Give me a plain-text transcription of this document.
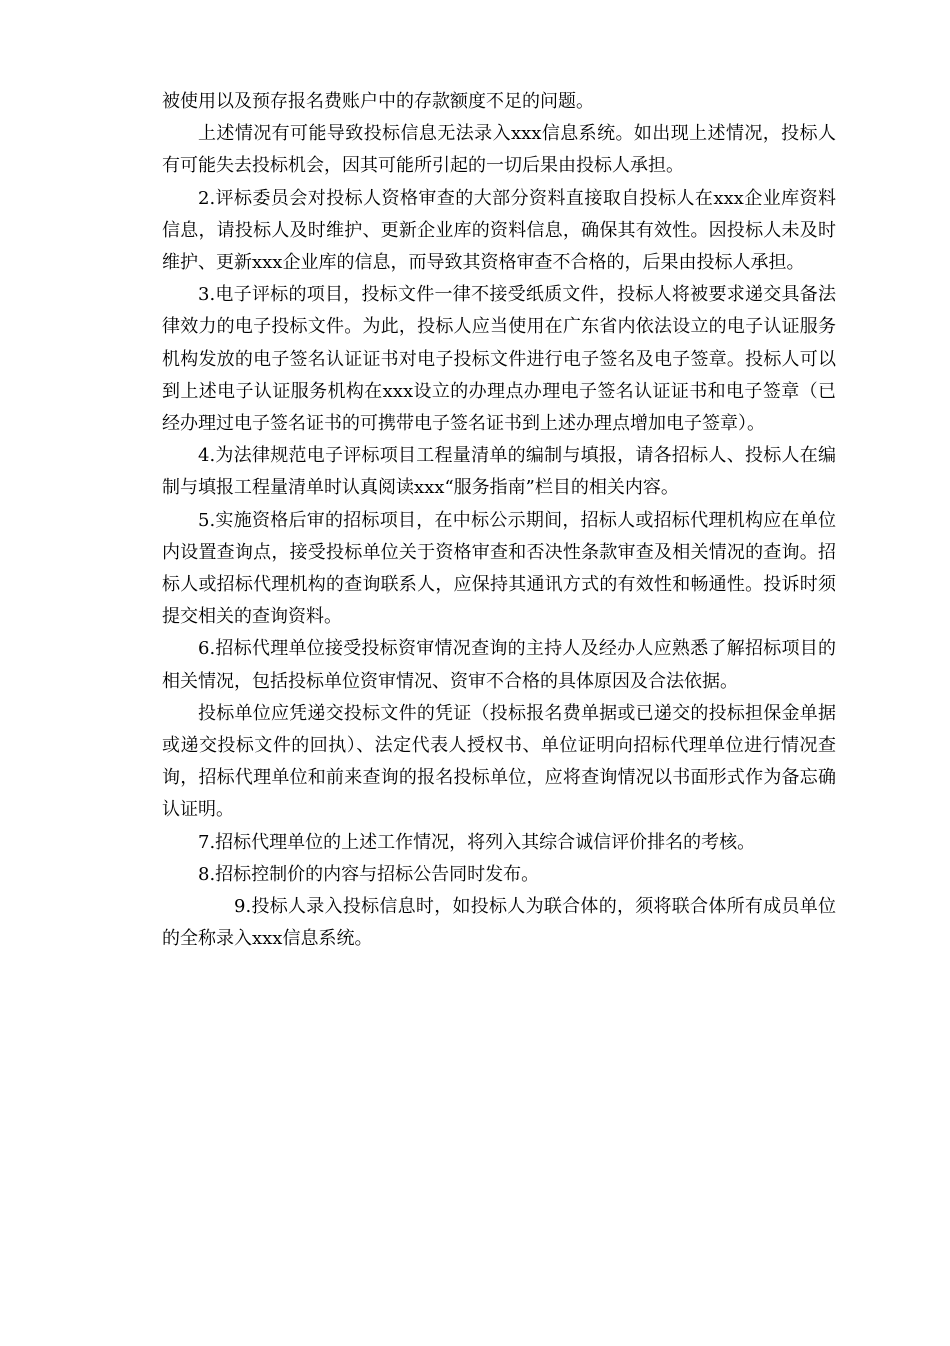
被使用以及预存报名费账户中的存款额度不足的问题。

上述情况有可能导致投标信息无法录入xxx信息系统。如出现上述情况，投标人有可能失去投标机会，因其可能所引起的一切后果由投标人承担。

2.评标委员会对投标人资格审查的大部分资料直接取自投标人在xxx企业库资料信息，请投标人及时维护、更新企业库的资料信息，确保其有效性。因投标人未及时维护、更新xxx企业库的信息，而导致其资格审查不合格的，后果由投标人承担。

3.电子评标的项目，投标文件一律不接受纸质文件，投标人将被要求递交具备法律效力的电子投标文件。为此，投标人应当使用在广东省内依法设立的电子认证服务机构发放的电子签名认证证书对电子投标文件进行电子签名及电子签章。投标人可以到上述电子认证服务机构在xxx设立的办理点办理电子签名认证证书和电子签章（已经办理过电子签名证书的可携带电子签名证书到上述办理点增加电子签章）。

4.为法律规范电子评标项目工程量清单的编制与填报，请各招标人、投标人在编制与填报工程量清单时认真阅读xxx“服务指南”栏目的相关内容。

5.实施资格后审的招标项目，在中标公示期间，招标人或招标代理机构应在单位内设置查询点，接受投标单位关于资格审查和否决性条款审查及相关情况的查询。招标人或招标代理机构的查询联系人，应保持其通讯方式的有效性和畅通性。投诉时须提交相关的查询资料。

6.招标代理单位接受投标资审情况查询的主持人及经办人应熟悉了解招标项目的相关情况，包括投标单位资审情况、资审不合格的具体原因及合法依据。

投标单位应凭递交投标文件的凭证（投标报名费单据或已递交的投标担保金单据或递交投标文件的回执）、法定代表人授权书、单位证明向招标代理单位进行情况查询，招标代理单位和前来查询的报名投标单位，应将查询情况以书面形式作为备忘确认证明。

7.招标代理单位的上述工作情况，将列入其综合诚信评价排名的考核。

8.招标控制价的内容与招标公告同时发布。

9.投标人录入投标信息时，如投标人为联合体的，须将联合体所有成员单位的全称录入xxx信息系统。
